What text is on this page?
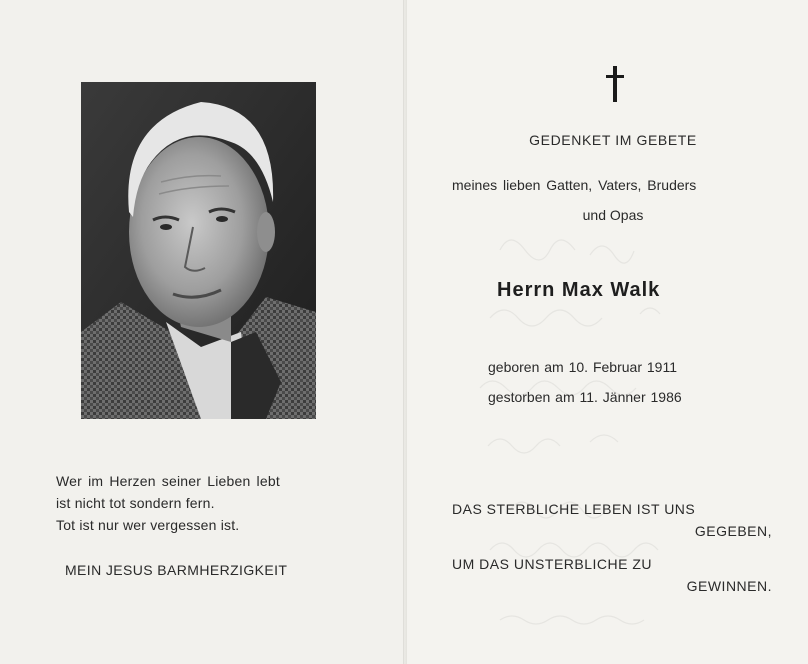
Wer im Herzen seiner Lieben lebt
ist nicht tot sondern fern.
Tot ist nur wer vergessen ist.
MEIN JESUS BARMHERZIGKEIT
GEDENKET IM GEBETE
meines lieben Gatten, Vaters, Bruders
und Opas
Herrn Max Walk
geboren am 10. Februar 1911
gestorben am 11. Jänner 1986
DAS STERBLICHE LEBEN IST UNS
GEGEBEN,
UM DAS UNSTERBLICHE ZU
GEWINNEN.
